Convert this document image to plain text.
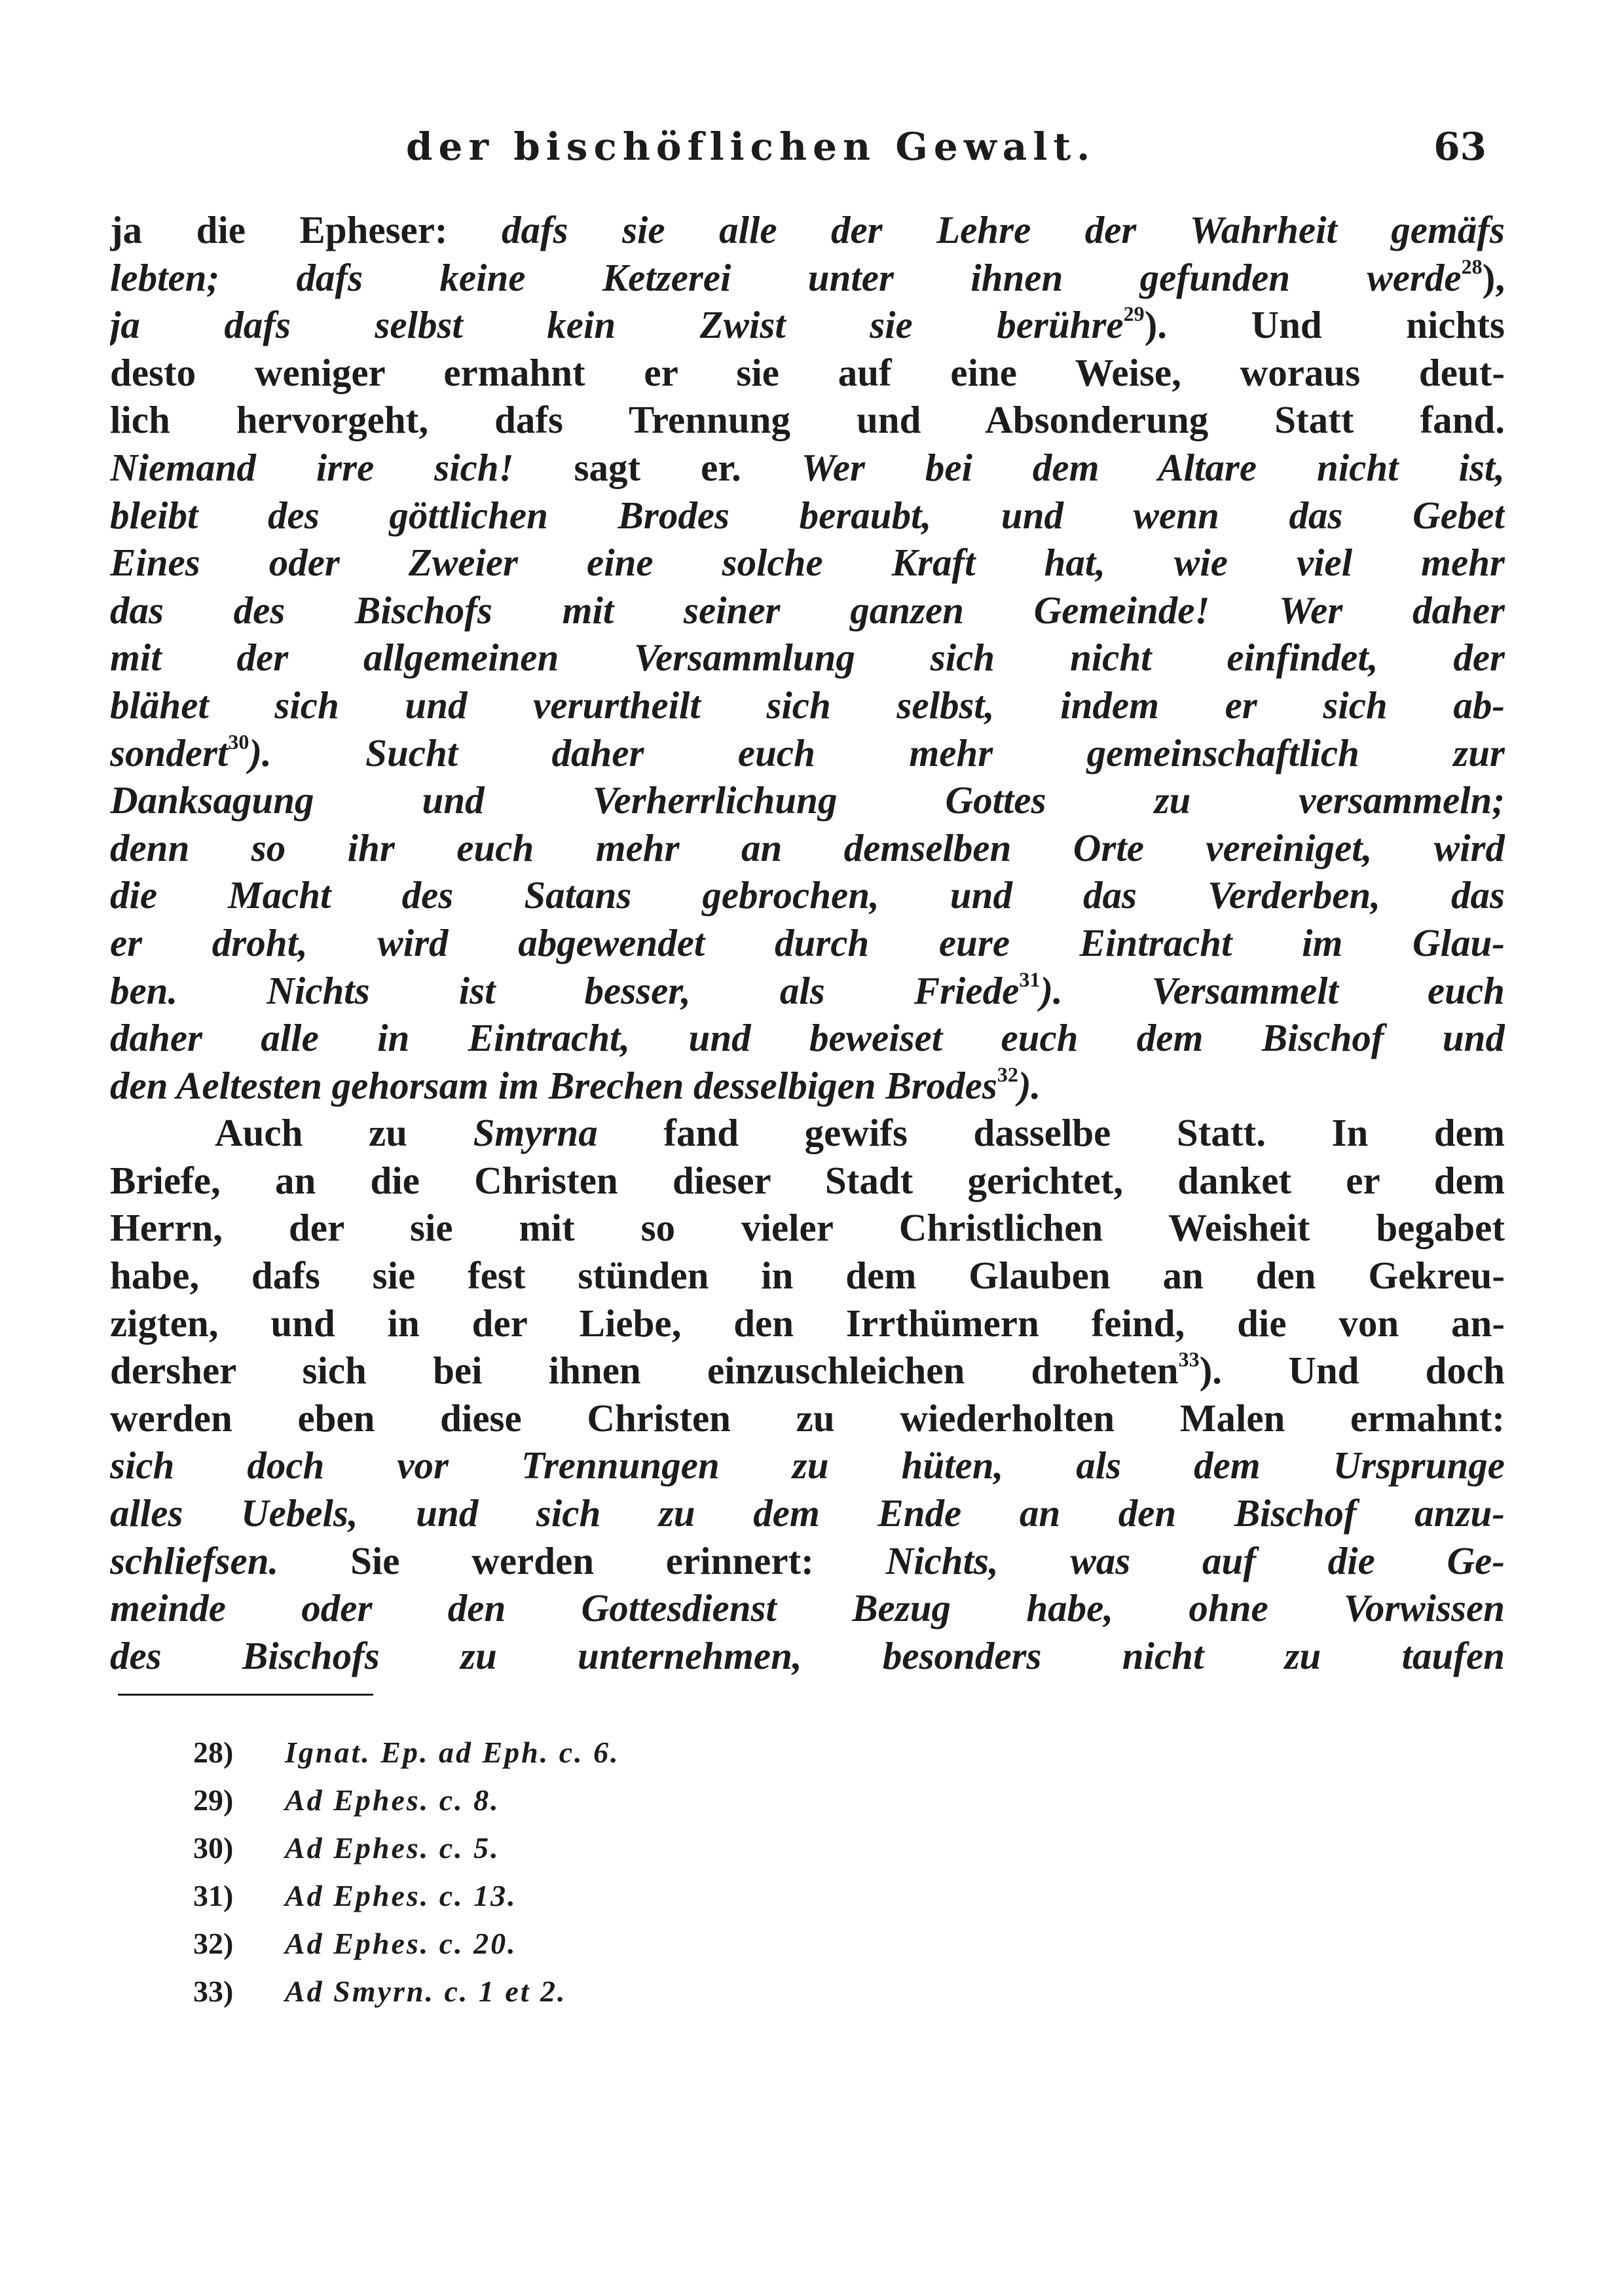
der bischöflichen Gewalt.	63
ja die Epheser: dafs sie alle der Lehre der Wahrheit gemäfs
lebten; dafs keine Ketzerei unter ihnen gefunden werde$^{28}$),
ja dafs selbst kein Zwist sie berühre$^{29}$). Und nichts
desto weniger ermahnt er sie auf eine Weise, woraus deut-
lich hervorgeht, dafs Trennung und Absonderung Statt fand.
Niemand irre sich! sagt er. Wer bei dem Altare nicht ist,
bleibt des göttlichen Brodes beraubt, und wenn das Gebet
Eines oder Zweier eine solche Kraft hat, wie viel mehr
das des Bischofs mit seiner ganzen Gemeinde! Wer daher
mit der allgemeinen Versammlung sich nicht einfindet, der
blähet sich und verurtheilt sich selbst, indem er sich ab-
sondert$^{30}$). Sucht daher euch mehr gemeinschaftlich zur
Danksagung und Verherrlichung Gottes zu versammeln;
denn so ihr euch mehr an demselben Orte vereiniget, wird
die Macht des Satans gebrochen, und das Verderben, das
er droht, wird abgewendet durch eure Eintracht im Glau-
ben. Nichts ist besser, als Friede$^{31}$). Versammelt euch
daher alle in Eintracht, und beweiset euch dem Bischof und
den Aeltesten gehorsam im Brechen desselbigen Brodes$^{32}$).
Auch zu Smyrna fand gewifs dasselbe Statt. In dem
Briefe, an die Christen dieser Stadt gerichtet, danket er dem
Herrn, der sie mit so vieler Christlichen Weisheit begabet
habe, dafs sie fest stünden in dem Glauben an den Gekreu-
zigten, und in der Liebe, den Irrthümern feind, die von an-
dersher sich bei ihnen einzuschleichen droheten$^{33}$). Und doch
werden eben diese Christen zu wiederholten Malen ermahnt:
sich doch vor Trennungen zu hüten, als dem Ursprunge
alles Uebels, und sich zu dem Ende an den Bischof anzu-
schliefsen. Sie werden erinnert: Nichts, was auf die Ge-
meinde oder den Gottesdienst Bezug habe, ohne Vorwissen
des Bischofs zu unternehmen, besonders nicht zu taufen
28) Ignat. Ep. ad Eph. c. 6.
29) Ad Ephes. c. 8.
30) Ad Ephes. c. 5.
31) Ad Ephes. c. 13.
32) Ad Ephes. c. 20.
33) Ad Smyrn. c. 1 et 2.
